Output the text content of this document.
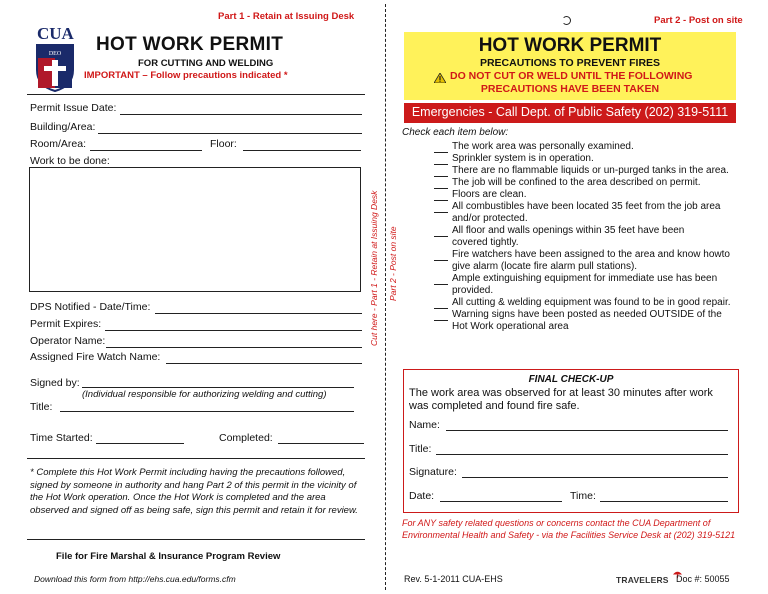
Part 1 - Retain at Issuing Desk
CUA
DEO HOT WORK PERMIT
FOR CUTTING AND WELDING
IMPORTANT – Follow precautions indicated *
Permit Issue Date:
Building/Area:
Room/Area:	Floor:
Work to be done:
DPS Notified - Date/Time:
Permit Expires:
Operator Name:
Assigned Fire Watch Name:
Signed by:
(Individual responsible for authorizing welding and cutting)
Title:
Time Started:	Completed:
* Complete this Hot Work Permit including having the precautions followed, signed by someone in authority and hang Part 2 of this permit in the vicinity of the Hot Work operation. Once the Hot Work is completed and the area observed and signed off as being safe, sign this permit and retain it for review.
File for Fire Marshal & Insurance Program Review
Download this form from http://ehs.cua.edu/forms.cfm
Cut here - Part 1 - Retain at Issuing Desk Part 2 - Post on site
Part 2 - Post on site
HOT WORK PERMIT
PRECAUTIONS TO PREVENT FIRES
DO NOT CUT OR WELD UNTIL THE FOLLOWING
PRECAUTIONS HAVE BEEN TAKEN
Emergencies - Call Dept. of Public Safety (202) 319-5111
Check each item below:
The work area was personally examined.
Sprinkler system is in operation.
There are no flammable liquids or un-purged tanks in the area.
The job will be confined to the area described on permit.
Floors are clean.
All combustibles have been located 35 feet from the job area and/or protected.
All floor and walls openings within 35 feet have been covered tightly.
Fire watchers have been assigned to the area and know howto give alarm (locate fire alarm pull stations).
Ample extinguishing equipment for immediate use has been provided.
All cutting & welding equipment was found to be in good repair.
Warning signs have been posted as needed OUTSIDE of the Hot Work operational area
FINAL CHECK-UP
The work area was observed for at least 30 minutes after work was completed and found fire safe.
Name:
Title:
Signature:
Date:	Time:
For ANY safety related questions or concerns contact the CUA Department of Environmental Health and Safety - via the Facilities Service Desk at (202) 319-5121
Rev. 5-1-2011 CUA-EHS	TRAVELERS Doc #: 50055
